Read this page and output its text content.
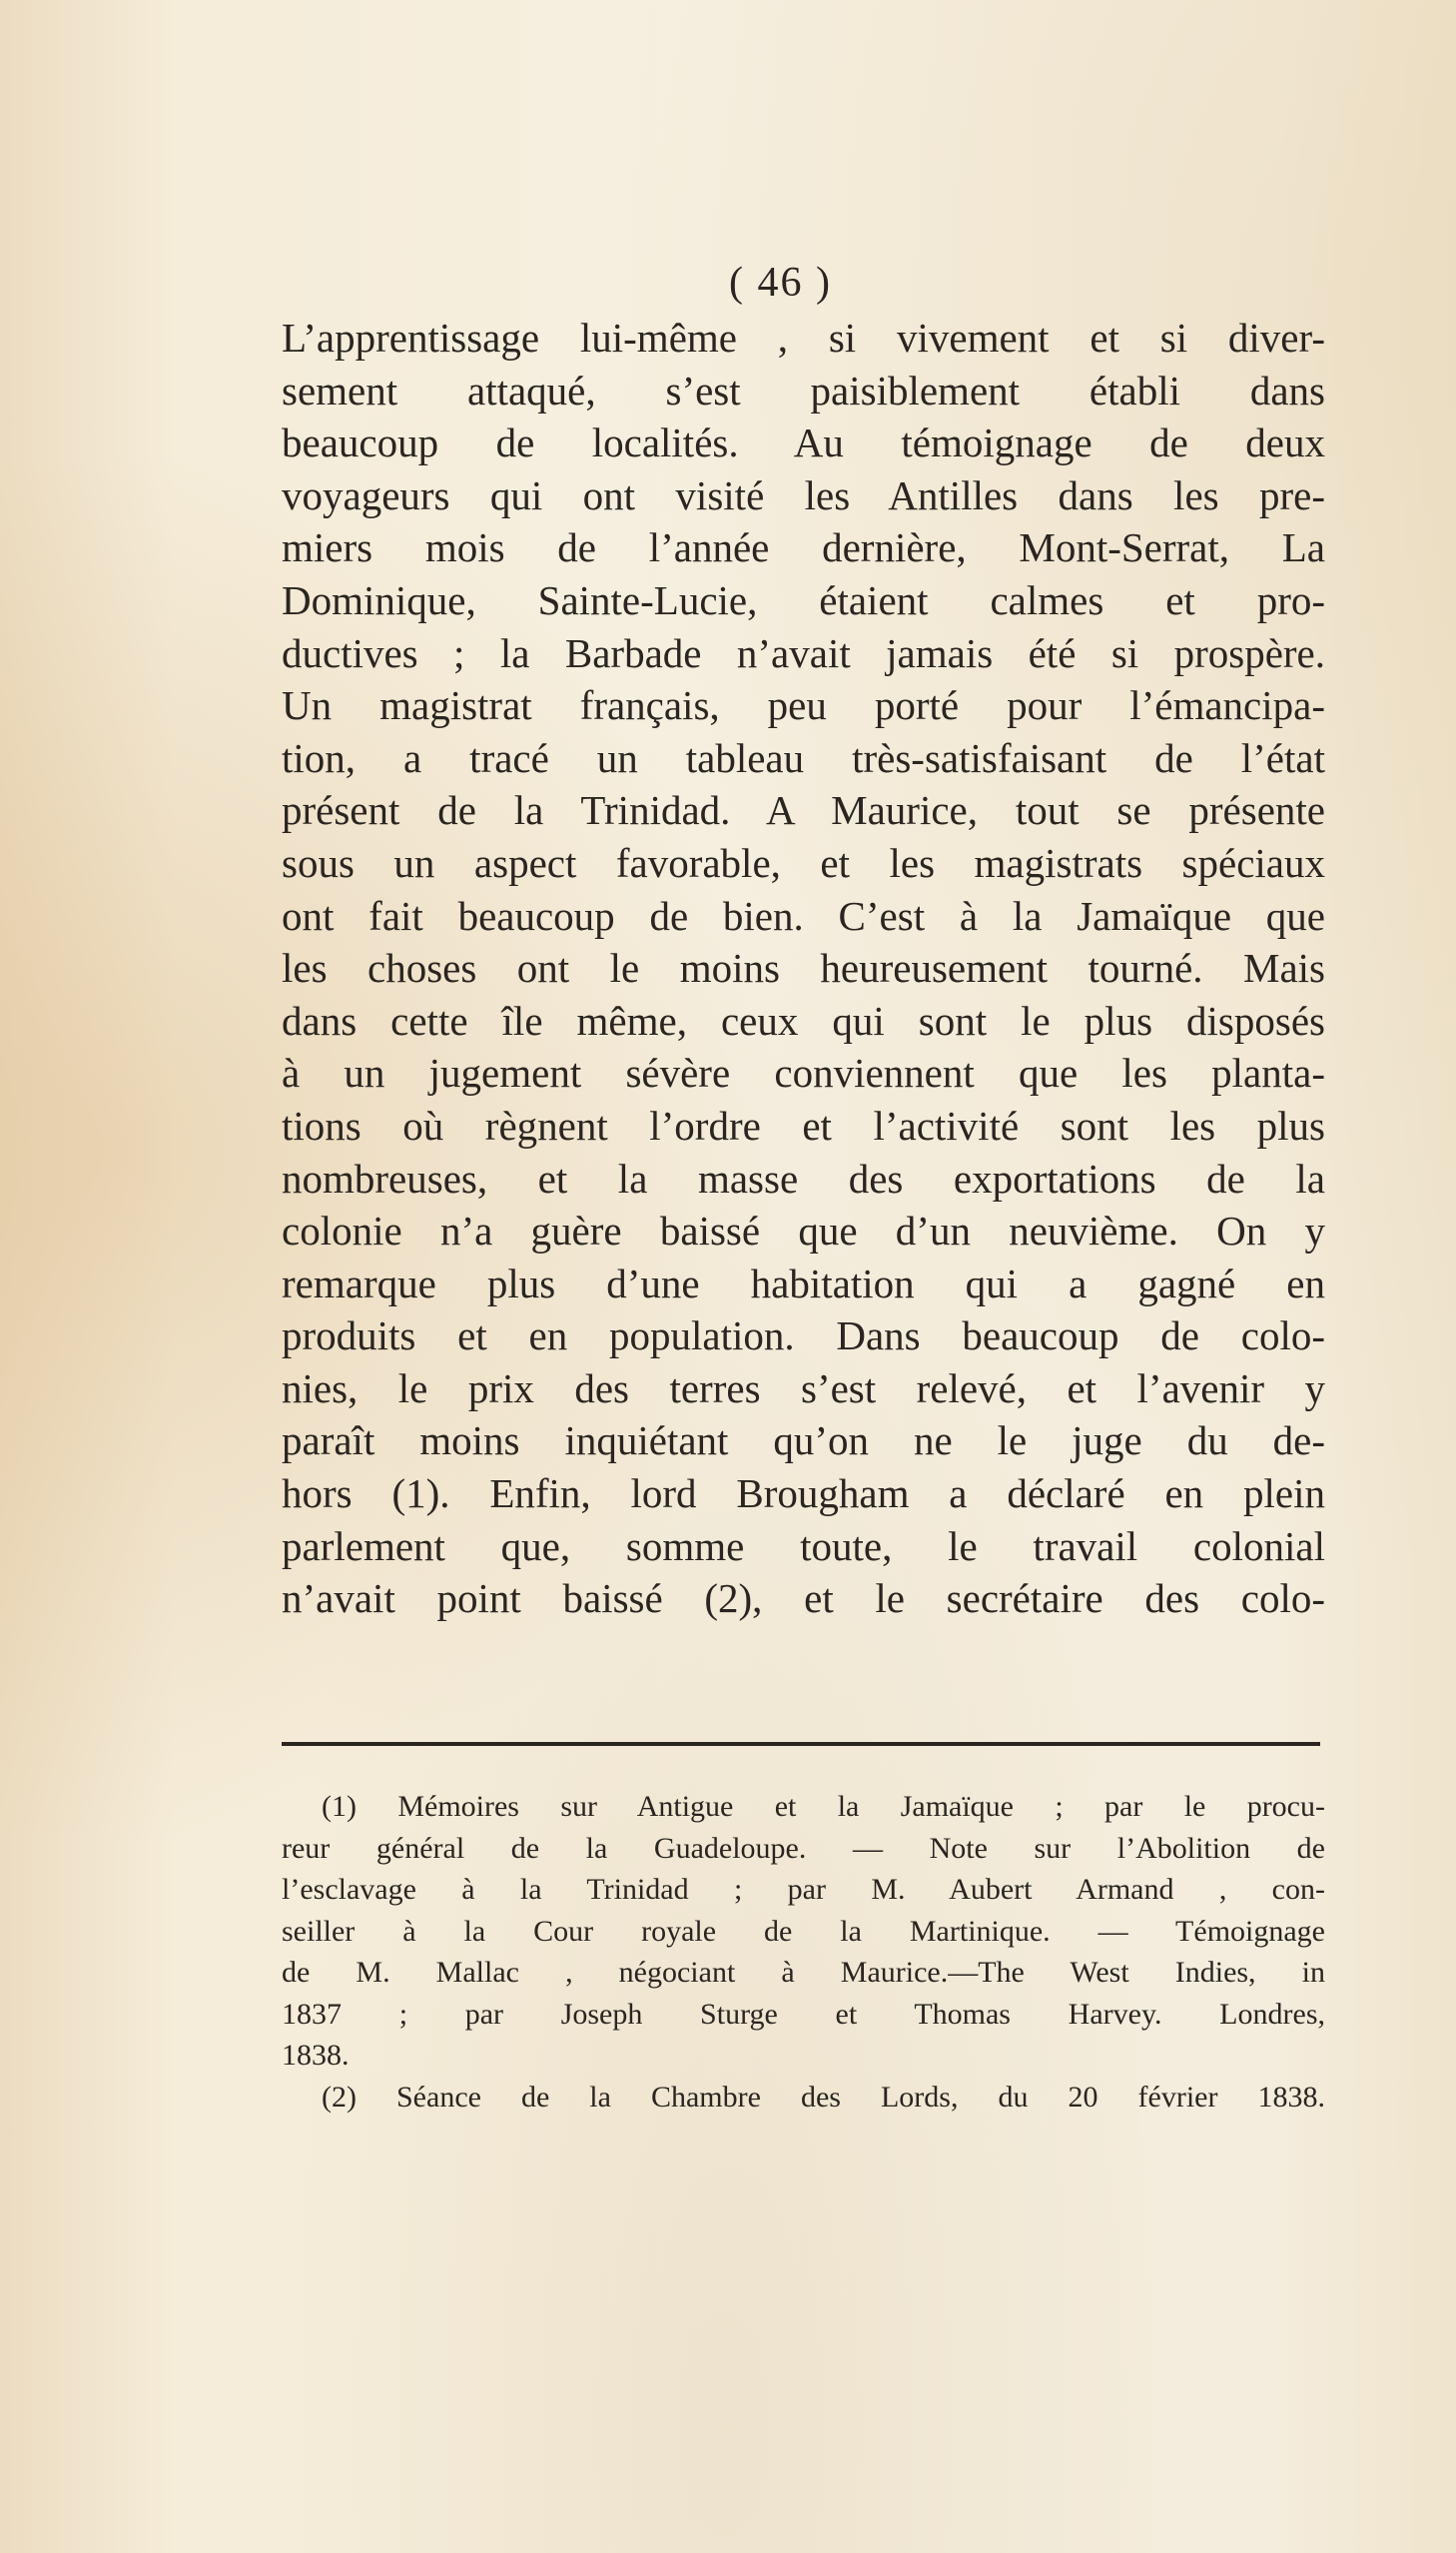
( 46 )
L’apprentissage lui-même , si vivement et si diver-
sement attaqué, s’est paisiblement établi dans
beaucoup de localités. Au témoignage de deux
voyageurs qui ont visité les Antilles dans les pre-
miers mois de l’année dernière, Mont-Serrat, La
Dominique, Sainte-Lucie, étaient calmes et pro-
ductives ; la Barbade n’avait jamais été si prospère.
Un magistrat français, peu porté pour l’émancipa-
tion, a tracé un tableau très-satisfaisant de l’état
présent de la Trinidad. A Maurice, tout se présente
sous un aspect favorable, et les magistrats spéciaux
ont fait beaucoup de bien. C’est à la Jamaïque que
les choses ont le moins heureusement tourné. Mais
dans cette île même, ceux qui sont le plus disposés
à un jugement sévère conviennent que les planta-
tions où règnent l’ordre et l’activité sont les plus
nombreuses, et la masse des exportations de la
colonie n’a guère baissé que d’un neuvième. On y
remarque plus d’une habitation qui a gagné en
produits et en population. Dans beaucoup de colo-
nies, le prix des terres s’est relevé, et l’avenir y
paraît moins inquiétant qu’on ne le juge du de-
hors (1). Enfin, lord Brougham a déclaré en plein
parlement que, somme toute, le travail colonial
n’avait point baissé (2), et le secrétaire des colo-
(1) Mémoires sur Antigue et la Jamaïque ; par le procu-
reur général de la Guadeloupe. — Note sur l’Abolition de
l’esclavage à la Trinidad ; par M. Aubert Armand , con-
seiller à la Cour royale de la Martinique. — Témoignage
de M. Mallac , négociant à Maurice.—The West Indies, in
1837 ; par Joseph Sturge et Thomas Harvey. Londres,
1838.
(2) Séance de la Chambre des Lords, du 20 février 1838.
